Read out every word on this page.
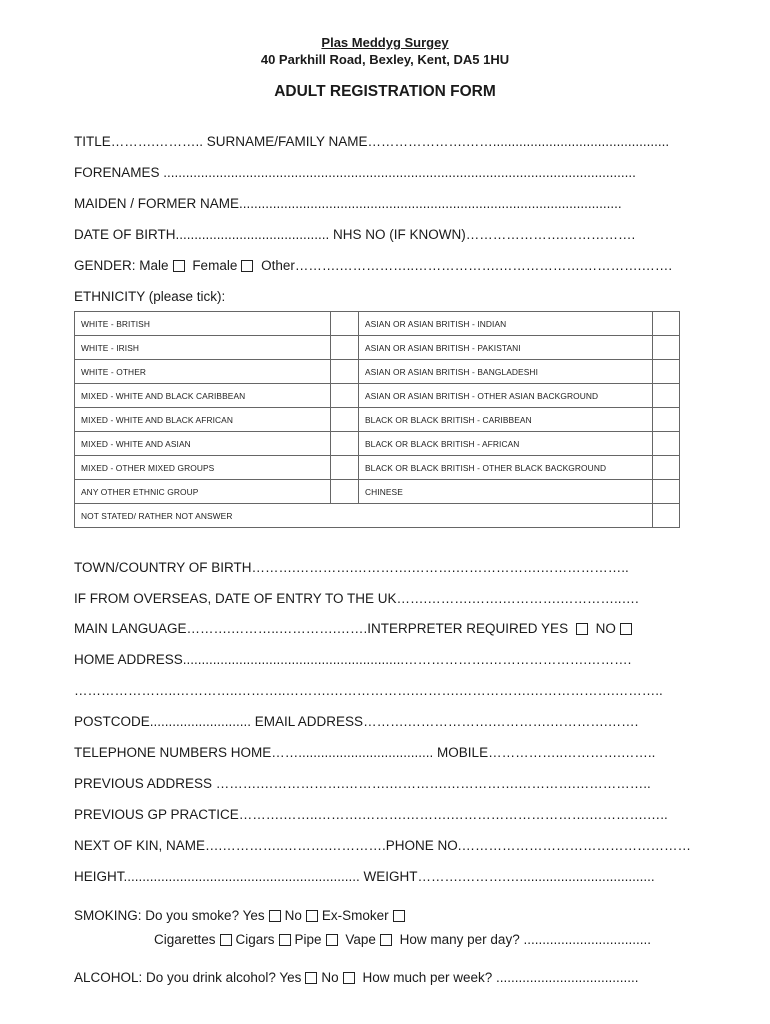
Plas Meddyg Surgey
40 Parkhill Road, Bexley, Kent, DA5 1HU
ADULT REGISTRATION FORM
TITLE……….……….. SURNAME/FAMILY NAME………………….……...............................................
FORENAMES ..............................................................................................................................
MAIDEN / FORMER NAME......................................................................................................
DATE OF BIRTH......................................... NHS NO (IF KNOWN)………………….…………….
GENDER: Male Female Other……….……………..……………….……………….………….…….
ETHNICITY (please tick):
WHITE - BRITISH		ASIAN OR ASIAN BRITISH - INDIAN	
WHITE - IRISH		ASIAN OR ASIAN BRITISH - PAKISTANI	
WHITE - OTHER		ASIAN OR ASIAN BRITISH - BANGLADESHI	
MIXED - WHITE AND BLACK CARIBBEAN		ASIAN OR ASIAN BRITISH - OTHER ASIAN BACKGROUND	
MIXED - WHITE AND BLACK AFRICAN		BLACK OR BLACK BRITISH - CARIBBEAN	
MIXED - WHITE AND ASIAN		BLACK OR BLACK BRITISH - AFRICAN	
MIXED - OTHER MIXED GROUPS		BLACK OR BLACK BRITISH - OTHER BLACK BACKGROUND	
ANY OTHER ETHNIC GROUP		CHINESE	
NOT STATED/ RATHER NOT ANSWER			
TOWN/COUNTRY OF BIRTH……….………….………….……….……………….………………..
IF FROM OVERSEAS, DATE OF ENTRY TO THE UK…….……….…….………….…………..….
MAIN LANGUAGE……….………..………….…….INTERPRETER REQUIRED YES NO
HOME ADDRESS...........................................................……………….………………….……….
…………………..…………..………..……….……………….……….…………….……………….………..
POSTCODE........................... EMAIL ADDRESS……….……………….………….………….…….
TELEPHONE NUMBERS HOME…….................................... MOBILE……………..………….……..
PREVIOUS ADDRESS ……….……………….……….………….…………….………….……………..
PREVIOUS GP PRACTICE……….……..……….……….……….………………………….………….…..
NEXT OF KIN, NAME….…………..……….………….PHONE NO.……………………………………………
HEIGHT............................................................... WEIGHT……….……….…....................................
SMOKING: Do you smoke? Yes No Ex-Smoker
Cigarettes Cigars Pipe Vape How many per day? ..................................
ALCOHOL: Do you drink alcohol? Yes No How much per week? ......................................
